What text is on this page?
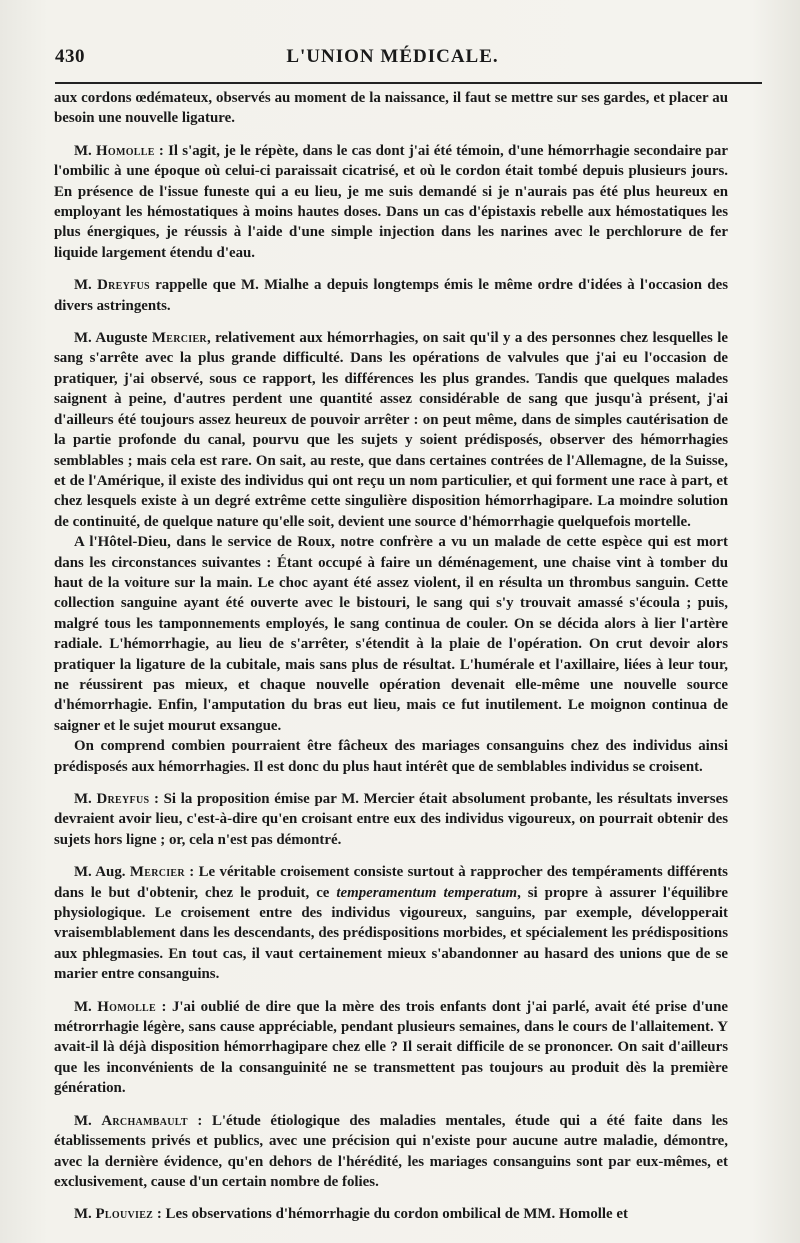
430	L'UNION MÉDICALE.

aux cordons œdémateux, observés au moment de la naissance, il faut se mettre sur ses gardes, et placer au besoin une nouvelle ligature.

M. Homolle : Il s'agit, je le répète, dans le cas dont j'ai été témoin, d'une hémorrhagie secondaire par l'ombilic à une époque où celui-ci paraissait cicatrisé, et où le cordon était tombé depuis plusieurs jours. En présence de l'issue funeste qui a eu lieu, je me suis demandé si je n'aurais pas été plus heureux en employant les hémostatiques à moins hautes doses. Dans un cas d'épistaxis rebelle aux hémostatiques les plus énergiques, je réussis à l'aide d'une simple injection dans les narines avec le perchlorure de fer liquide largement étendu d'eau.

M. Dreyfus rappelle que M. Mialhe a depuis longtemps émis le même ordre d'idées à l'occasion des divers astringents.

M. Auguste Mercier, relativement aux hémorrhagies, on sait qu'il y a des personnes chez lesquelles le sang s'arrête avec la plus grande difficulté. Dans les opérations de valvules que j'ai eu l'occasion de pratiquer, j'ai observé, sous ce rapport, les différences les plus grandes. Tandis que quelques malades saignent à peine, d'autres perdent une quantité assez considérable de sang que jusqu'à présent, j'ai d'ailleurs été toujours assez heureux de pouvoir arrêter : on peut même, dans de simples cautérisation de la partie profonde du canal, pourvu que les sujets y soient prédisposés, observer des hémorrhagies semblables ; mais cela est rare. On sait, au reste, que dans certaines contrées de l'Allemagne, de la Suisse, et de l'Amérique, il existe des individus qui ont reçu un nom particulier, et qui forment une race à part, et chez lesquels existe à un degré extrême cette singulière disposition hémorrhagipare. La moindre solution de continuité, de quelque nature qu'elle soit, devient une source d'hémorrhagie quelquefois mortelle.

A l'Hôtel-Dieu, dans le service de Roux, notre confrère a vu un malade de cette espèce qui est mort dans les circonstances suivantes : Étant occupé à faire un déménagement, une chaise vint à tomber du haut de la voiture sur la main. Le choc ayant été assez violent, il en résulta un thrombus sanguin. Cette collection sanguine ayant été ouverte avec le bistouri, le sang qui s'y trouvait amassé s'écoula ; puis, malgré tous les tamponnements employés, le sang continua de couler. On se décida alors à lier l'artère radiale. L'hémorrhagie, au lieu de s'arrêter, s'étendit à la plaie de l'opération. On crut devoir alors pratiquer la ligature de la cubitale, mais sans plus de résultat. L'humérale et l'axillaire, liées à leur tour, ne réussirent pas mieux, et chaque nouvelle opération devenait elle-même une nouvelle source d'hémorrhagie. Enfin, l'amputation du bras eut lieu, mais ce fut inutilement. Le moignon continua de saigner et le sujet mourut exsangue.

On comprend combien pourraient être fâcheux des mariages consanguins chez des individus ainsi prédisposés aux hémorrhagies. Il est donc du plus haut intérêt que de semblables individus se croisent.

M. Dreyfus : Si la proposition émise par M. Mercier était absolument probante, les résultats inverses devraient avoir lieu, c'est-à-dire qu'en croisant entre eux des individus vigoureux, on pourrait obtenir des sujets hors ligne ; or, cela n'est pas démontré.

M. Aug. Mercier : Le véritable croisement consiste surtout à rapprocher des tempéraments différents dans le but d'obtenir, chez le produit, ce temperamentum temperatum, si propre à assurer l'équilibre physiologique. Le croisement entre des individus vigoureux, sanguins, par exemple, développerait vraisemblablement dans les descendants, des prédispositions morbides, et spécialement les prédispositions aux phlegmasies. En tout cas, il vaut certainement mieux s'abandonner au hasard des unions que de se marier entre consanguins.

M. Homolle : J'ai oublié de dire que la mère des trois enfants dont j'ai parlé, avait été prise d'une métrorrhagie légère, sans cause appréciable, pendant plusieurs semaines, dans le cours de l'allaitement. Y avait-il là déjà disposition hémorrhagipare chez elle ? Il serait difficile de se prononcer. On sait d'ailleurs que les inconvénients de la consanguinité ne se transmettent pas toujours au produit dès la première génération.

M. Archambault : L'étude étiologique des maladies mentales, étude qui a été faite dans les établissements privés et publics, avec une précision qui n'existe pour aucune autre maladie, démontre, avec la dernière évidence, qu'en dehors de l'hérédité, les mariages consanguins sont par eux-mêmes, et exclusivement, cause d'un certain nombre de folies.

M. Plouviez : Les observations d'hémorrhagie du cordon ombilical de MM. Homolle et
